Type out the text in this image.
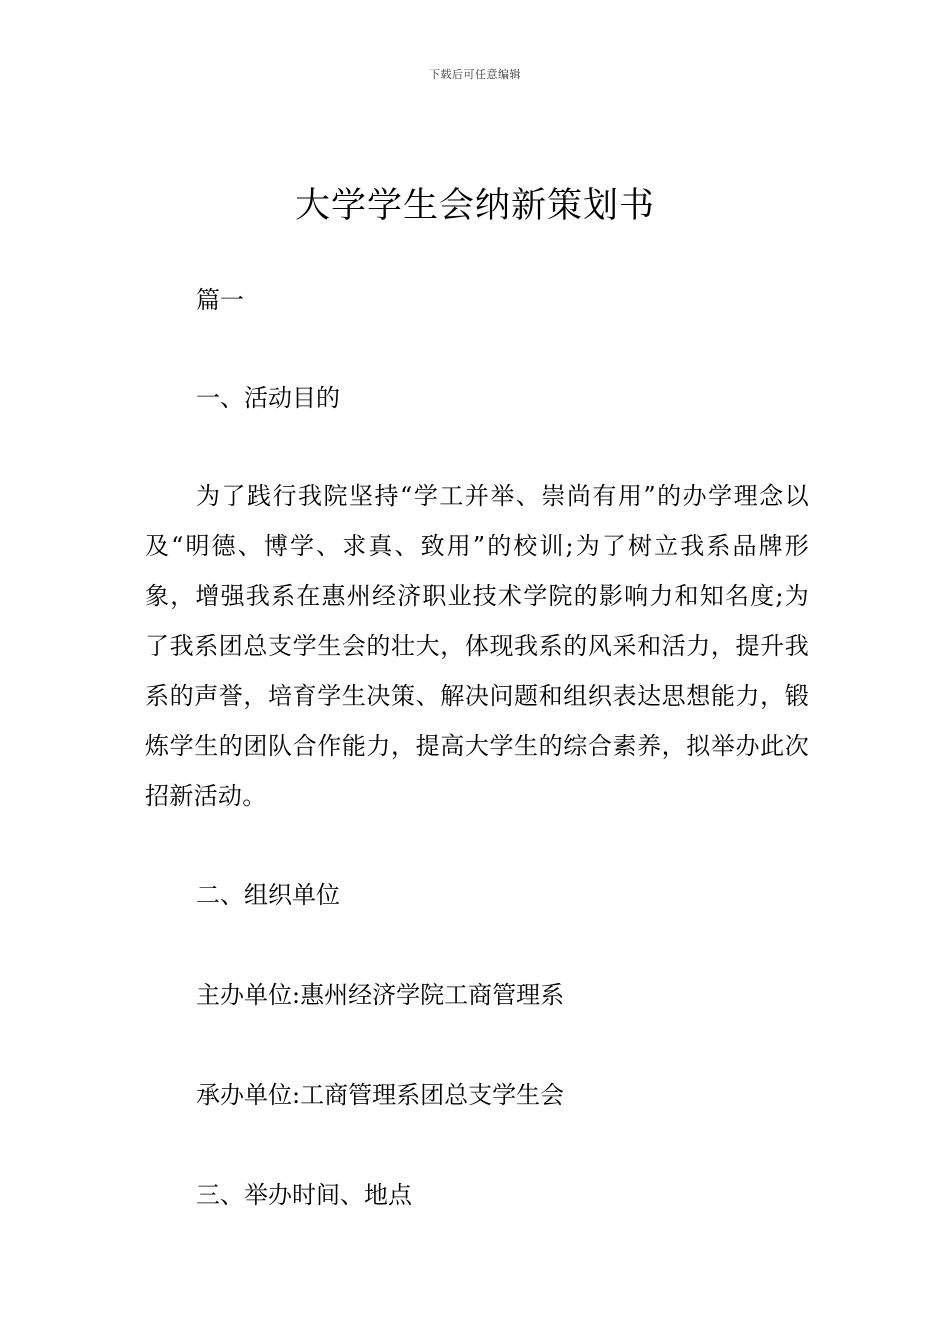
下载后可任意编辑
大学学生会纳新策划书
篇一
一、活动目的
为了践行我院坚持“学工并举、崇尚有用”的办学理念以及“明德、博学、求真、致用”的校训;为了树立我系品牌形象，增强我系在惠州经济职业技术学院的影响力和知名度;为了我系团总支学生会的壮大，体现我系的风采和活力，提升我系的声誉，培育学生决策、解决问题和组织表达思想能力，锻炼学生的团队合作能力，提高大学生的综合素养，拟举办此次招新活动。
二、组织单位
主办单位:惠州经济学院工商管理系
承办单位:工商管理系团总支学生会
三、举办时间、地点
